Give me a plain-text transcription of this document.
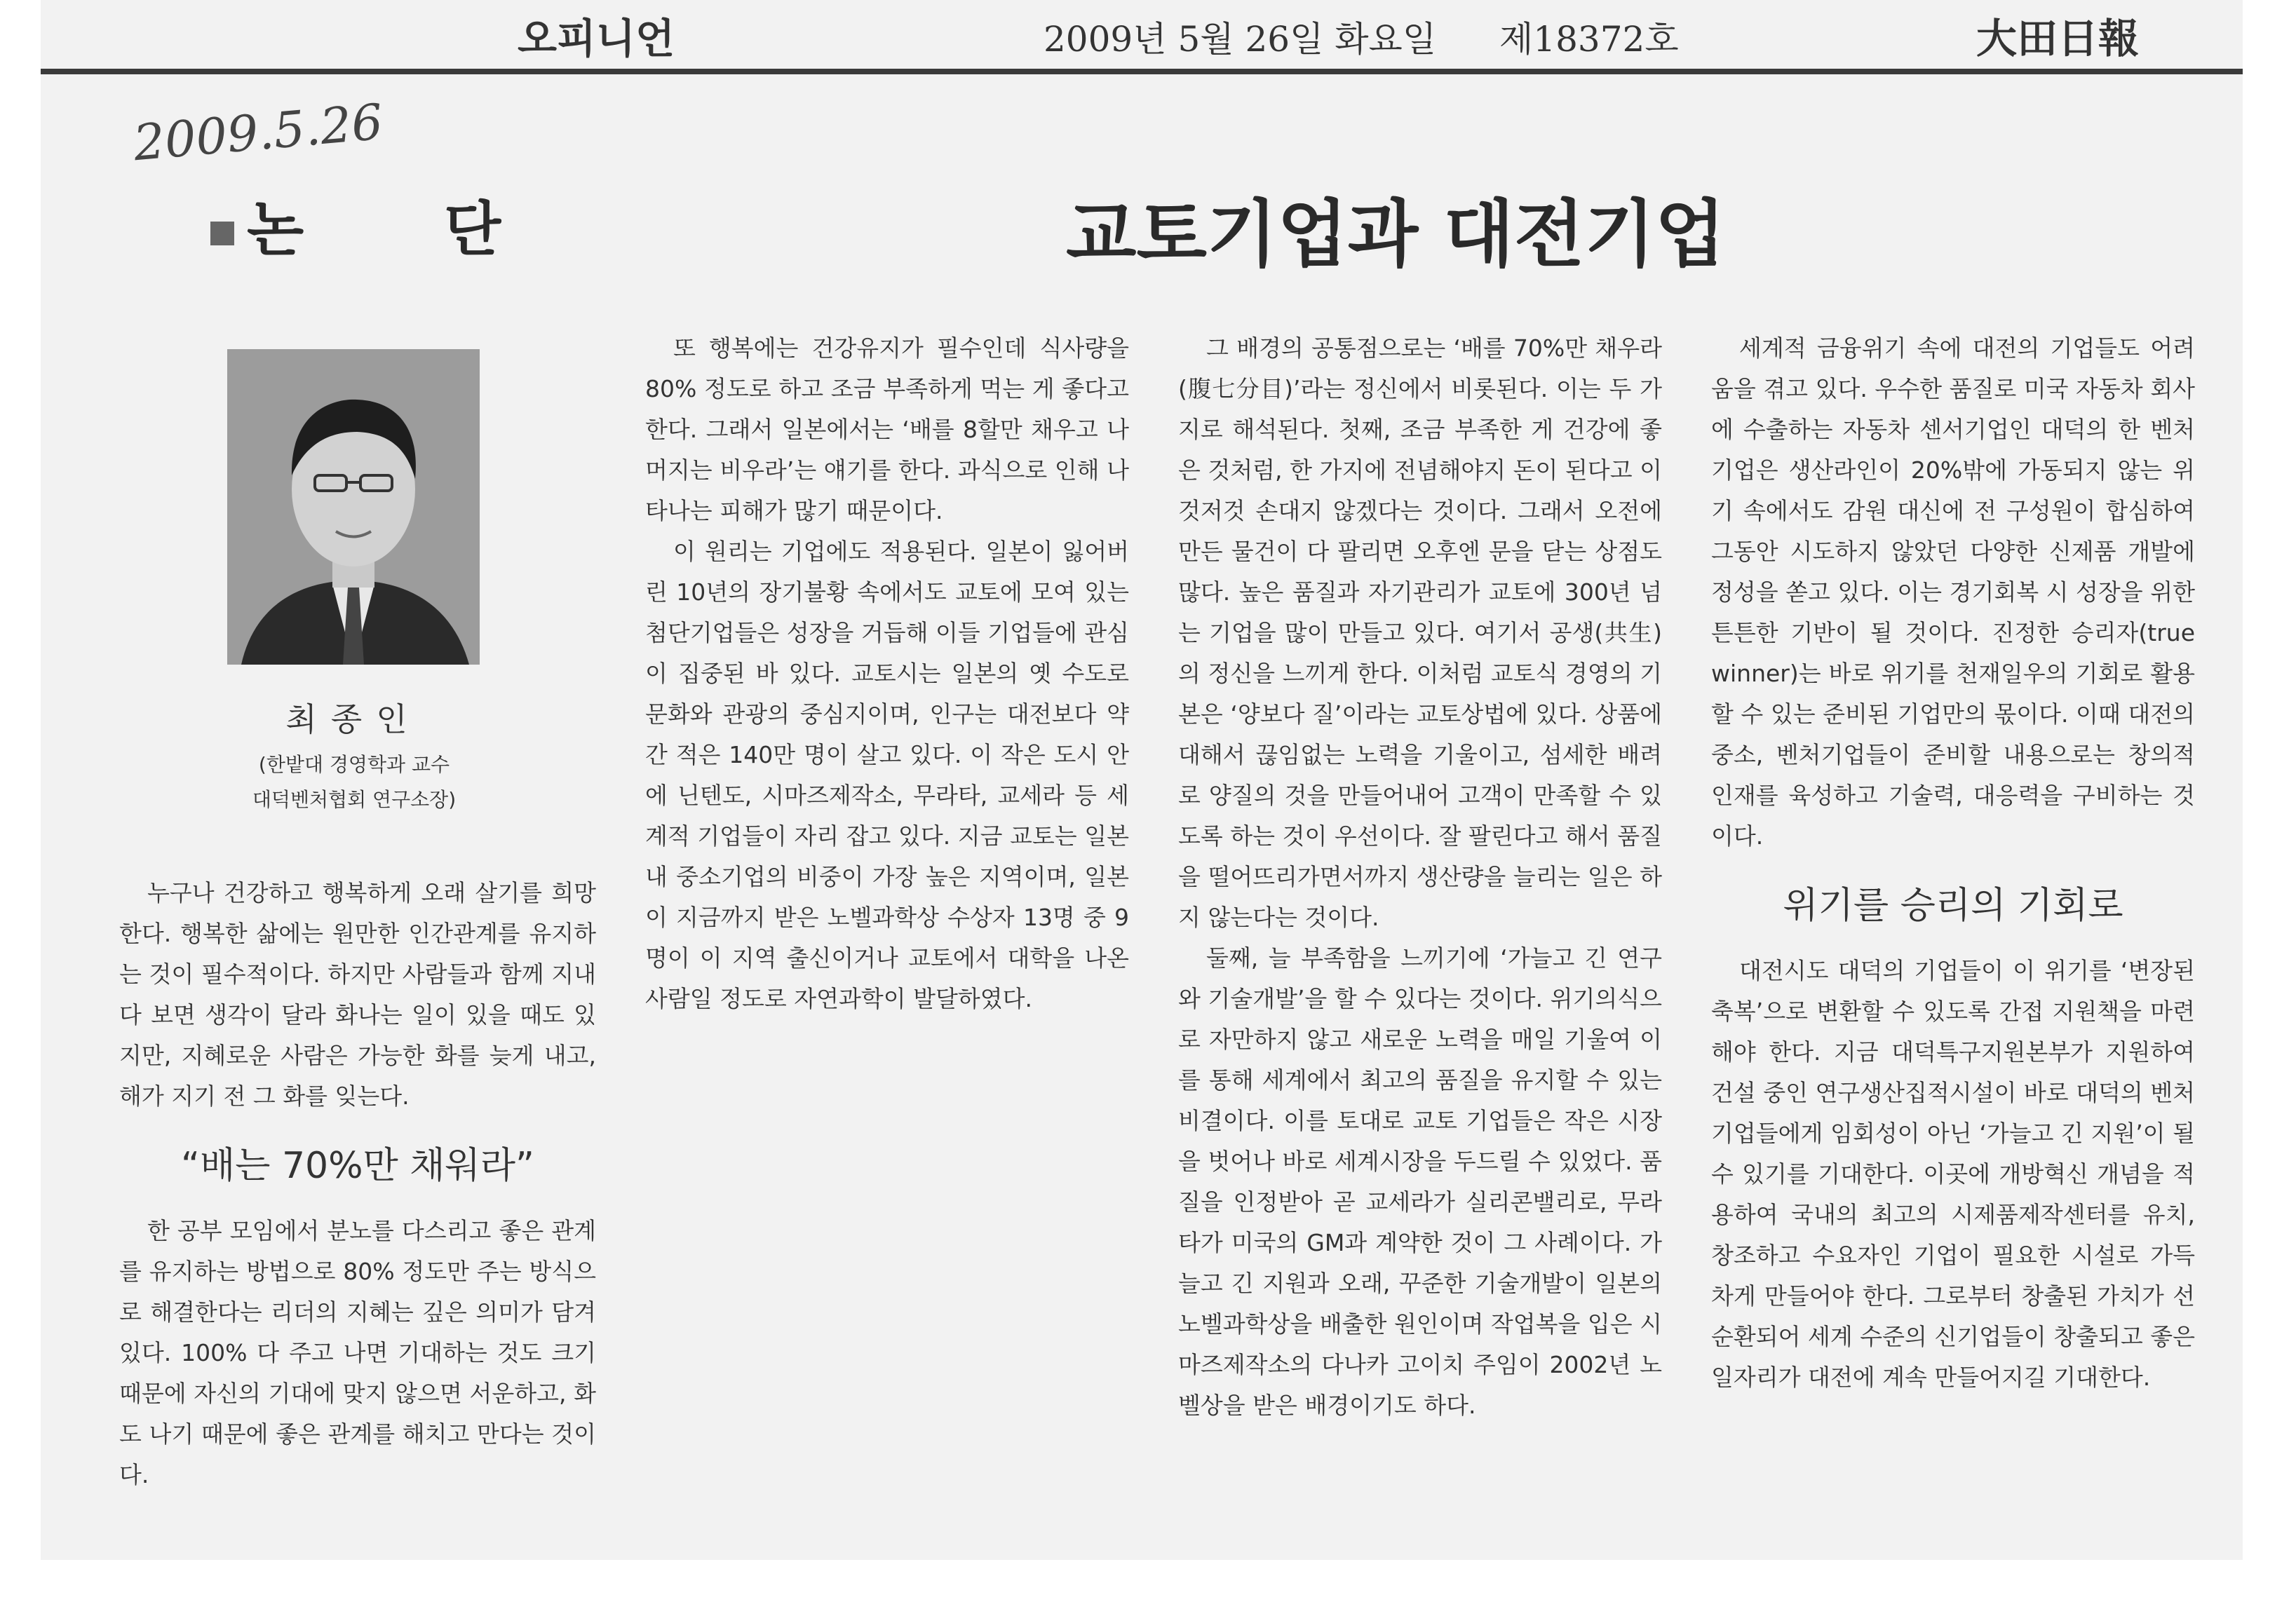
오피니언	2009년 5월 26일 화요일 제18372호	大田日報
2009.5.26
논 단	교토기업과 대전기업
최종인
(한밭대 경영학과 교수
대덕벤처협회 연구소장)

누구나 건강하고 행복하게 오래 살기를 희망한다. 행복한 삶에는 원만한 인간관계를 유지하는 것이 필수적이다. 하지만 사람들과 함께 지내다 보면 생각이 달라 화나는 일이 있을 때도 있지만, 지혜로운 사람은 가능한 화를 늦게 내고, 해가 지기 전 그 화를 잊는다.

“배는 70%만 채워라”

한 공부 모임에서 분노를 다스리고 좋은 관계를 유지하는 방법으로 80% 정도만 주는 방식으로 해결한다는 리더의 지혜는 깊은 의미가 담겨 있다. 100% 다 주고 나면 기대하는 것도 크기 때문에 자신의 기대에 맞지 않으면 서운하고, 화도 나기 때문에 좋은 관계를 해치고 만다는 것이다.

또 행복에는 건강유지가 필수인데 식사량을 80% 정도로 하고 조금 부족하게 먹는 게 좋다고 한다. 그래서 일본에서는 ‘배를 8할만 채우고 나머지는 비우라’는 얘기를 한다. 과식으로 인해 나타나는 피해가 많기 때문이다.

이 원리는 기업에도 적용된다. 일본이 잃어버린 10년의 장기불황 속에서도 교토에 모여 있는 첨단기업들은 성장을 거듭해 이들 기업들에 관심이 집중된 바 있다. 교토시는 일본의 옛 수도로 문화와 관광의 중심지이며, 인구는 대전보다 약간 적은 140만 명이 살고 있다. 이 작은 도시 안에 닌텐도, 시마즈제작소, 무라타, 교세라 등 세계적 기업들이 자리 잡고 있다. 지금 교토는 일본 내 중소기업의 비중이 가장 높은 지역이며, 일본이 지금까지 받은 노벨과학상 수상자 13명 중 9명이 이 지역 출신이거나 교토에서 대학을 나온 사람일 정도로 자연과학이 발달하였다.

그 배경의 공통점으로는 ‘배를 70%만 채우라(腹七分目)’라는 정신에서 비롯된다. 이는 두 가지로 해석된다. 첫째, 조금 부족한 게 건강에 좋은 것처럼, 한 가지에 전념해야지 돈이 된다고 이것저것 손대지 않겠다는 것이다. 그래서 오전에 만든 물건이 다 팔리면 오후엔 문을 닫는 상점도 많다. 높은 품질과 자기관리가 교토에 300년 넘는 기업을 많이 만들고 있다. 여기서 공생(共生)의 정신을 느끼게 한다. 이처럼 교토식 경영의 기본은 ‘양보다 질’이라는 교토상법에 있다. 상품에 대해서 끊임없는 노력을 기울이고, 섬세한 배려로 양질의 것을 만들어내어 고객이 만족할 수 있도록 하는 것이 우선이다. 잘 팔린다고 해서 품질을 떨어뜨리가면서까지 생산량을 늘리는 일은 하지 않는다는 것이다.

둘째, 늘 부족함을 느끼기에 ‘가늘고 긴 연구와 기술개발’을 할 수 있다는 것이다. 위기의식으로 자만하지 않고 새로운 노력을 매일 기울여 이를 통해 세계에서 최고의 품질을 유지할 수 있는 비결이다. 이를 토대로 교토 기업들은 작은 시장을 벗어나 바로 세계시장을 두드릴 수 있었다. 품질을 인정받아 곧 교세라가 실리콘밸리로, 무라타가 미국의 GM과 계약한 것이 그 사례이다. 가늘고 긴 지원과 오래, 꾸준한 기술개발이 일본의 노벨과학상을 배출한 원인이며 작업복을 입은 시마즈제작소의 다나카 고이치 주임이 2002년 노벨상을 받은 배경이기도 하다.

세계적 금융위기 속에 대전의 기업들도 어려움을 겪고 있다. 우수한 품질로 미국 자동차 회사에 수출하는 자동차 센서기업인 대덕의 한 벤처기업은 생산라인이 20%밖에 가동되지 않는 위기 속에서도 감원 대신에 전 구성원이 합심하여 그동안 시도하지 않았던 다양한 신제품 개발에 정성을 쏟고 있다. 이는 경기회복 시 성장을 위한 튼튼한 기반이 될 것이다. 진정한 승리자(true winner)는 바로 위기를 천재일우의 기회로 활용할 수 있는 준비된 기업만의 몫이다. 이때 대전의 중소, 벤처기업들이 준비할 내용으로는 창의적 인재를 육성하고 기술력, 대응력을 구비하는 것이다.

위기를 승리의 기회로

대전시도 대덕의 기업들이 이 위기를 ‘변장된 축복’으로 변환할 수 있도록 간접 지원책을 마련해야 한다. 지금 대덕특구지원본부가 지원하여 건설 중인 연구생산집적시설이 바로 대덕의 벤처기업들에게 임회성이 아닌 ‘가늘고 긴 지원’이 될 수 있기를 기대한다. 이곳에 개방혁신 개념을 적용하여 국내의 최고의 시제품제작센터를 유치, 창조하고 수요자인 기업이 필요한 시설로 가득 차게 만들어야 한다. 그로부터 창출된 가치가 선순환되어 세계 수준의 신기업들이 창출되고 좋은 일자리가 대전에 계속 만들어지길 기대한다.
